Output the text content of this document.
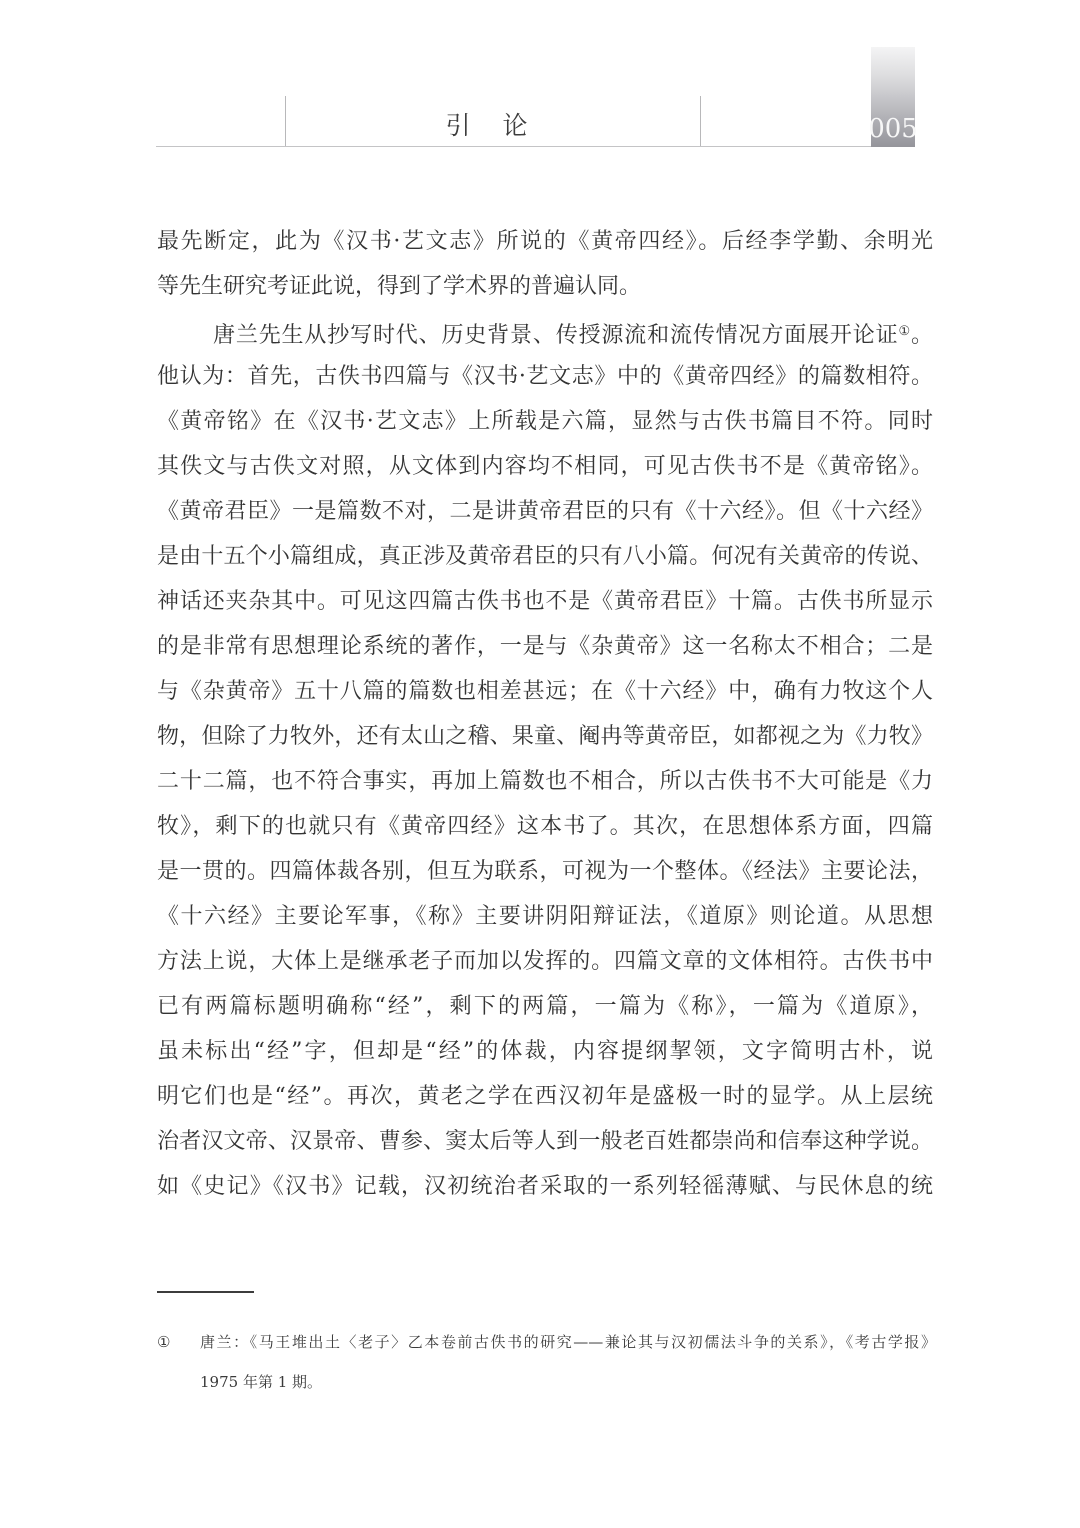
引 论	005
最先断定，此为《汉书·艺文志》所说的《黄帝四经》。后经李学勤、余明光
等先生研究考证此说，得到了学术界的普遍认同。
唐兰先生从抄写时代、历史背景、传授源流和流传情况方面展开论证①。
他认为：首先，古佚书四篇与《汉书·艺文志》中的《黄帝四经》的篇数相符。
《黄帝铭》在《汉书·艺文志》上所载是六篇，显然与古佚书篇目不符。同时
其佚文与古佚文对照，从文体到内容均不相同，可见古佚书不是《黄帝铭》。
《黄帝君臣》一是篇数不对，二是讲黄帝君臣的只有《十六经》。但《十六经》
是由十五个小篇组成，真正涉及黄帝君臣的只有八小篇。何况有关黄帝的传说、
神话还夹杂其中。可见这四篇古佚书也不是《黄帝君臣》十篇。古佚书所显示
的是非常有思想理论系统的著作，一是与《杂黄帝》这一名称太不相合；二是
与《杂黄帝》五十八篇的篇数也相差甚远；在《十六经》中，确有力牧这个人
物，但除了力牧外，还有太山之稽、果童、阉冉等黄帝臣，如都视之为《力牧》
二十二篇，也不符合事实，再加上篇数也不相合，所以古佚书不大可能是《力
牧》，剩下的也就只有《黄帝四经》这本书了。其次，在思想体系方面，四篇
是一贯的。四篇体裁各别，但互为联系，可视为一个整体。《经法》主要论法，
《十六经》主要论军事，《称》主要讲阴阳辩证法，《道原》则论道。从思想
方法上说，大体上是继承老子而加以发挥的。四篇文章的文体相符。古佚书中
已有两篇标题明确称“经”，剩下的两篇，一篇为《称》，一篇为《道原》，
虽未标出“经”字，但却是“经”的体裁，内容提纲挈领，文字简明古朴，说
明它们也是“经”。再次，黄老之学在西汉初年是盛极一时的显学。从上层统
治者汉文帝、汉景帝、曹参、窦太后等人到一般老百姓都崇尚和信奉这种学说。
如《史记》《汉书》记载，汉初统治者采取的一系列轻徭薄赋、与民休息的统
①	唐兰：《马王堆出土〈老子〉乙本卷前古佚书的研究——兼论其与汉初儒法斗争的关系》，《考古学报》
1975 年第 1 期。
